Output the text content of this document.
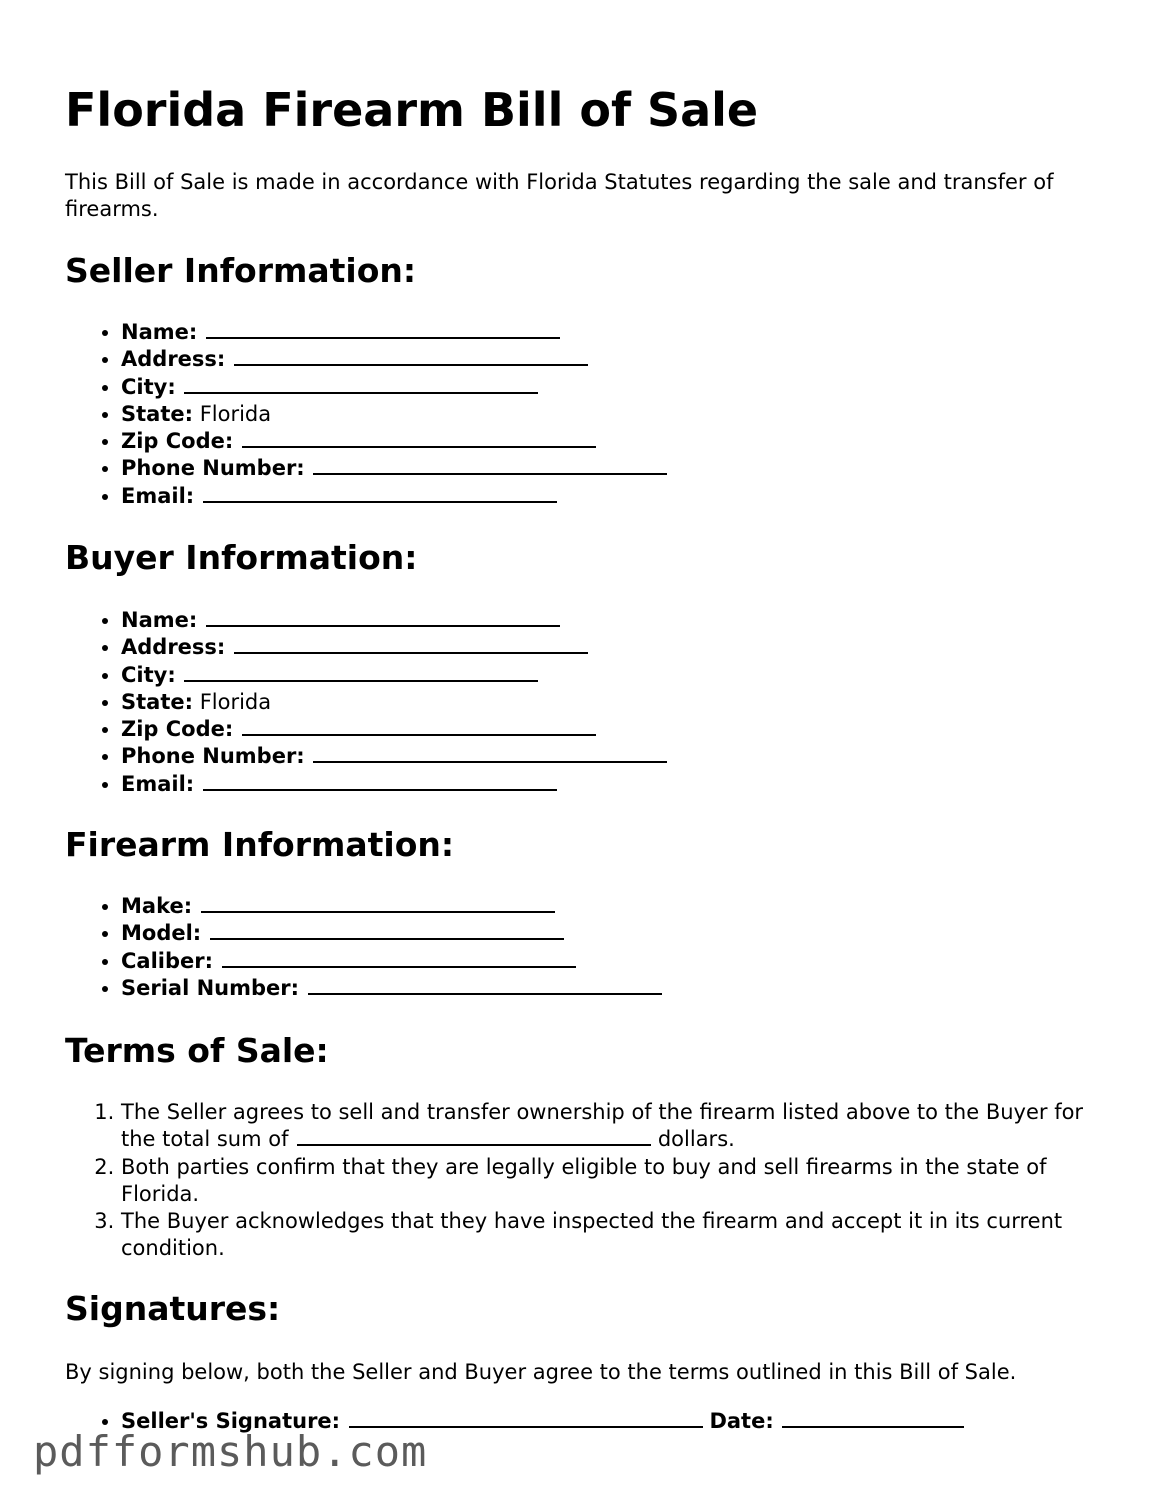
Florida Firearm Bill of Sale

This Bill of Sale is made in accordance with Florida Statutes regarding the sale and transfer of firearms.

Seller Information:
• Name:
• Address:
• City:
• State: Florida
• Zip Code:
• Phone Number:
• Email:
Buyer Information:
• Name:
• Address:
• City:
• State: Florida
• Zip Code:
• Phone Number:
• Email:
Firearm Information:
• Make:
• Model:
• Caliber:
• Serial Number:
Terms of Sale:
1. The Seller agrees to sell and transfer ownership of the firearm listed above to the Buyer for the total sum of	dollars.
2. Both parties confirm that they are legally eligible to buy and sell firearms in the state of Florida.
3. The Buyer acknowledges that they have inspected the firearm and accept it in its current condition.
Signatures:

By signing below, both the Seller and Buyer agree to the terms outlined in this Bill of Sale.

• Seller's Signature:	Date:
pdfformshub.com
